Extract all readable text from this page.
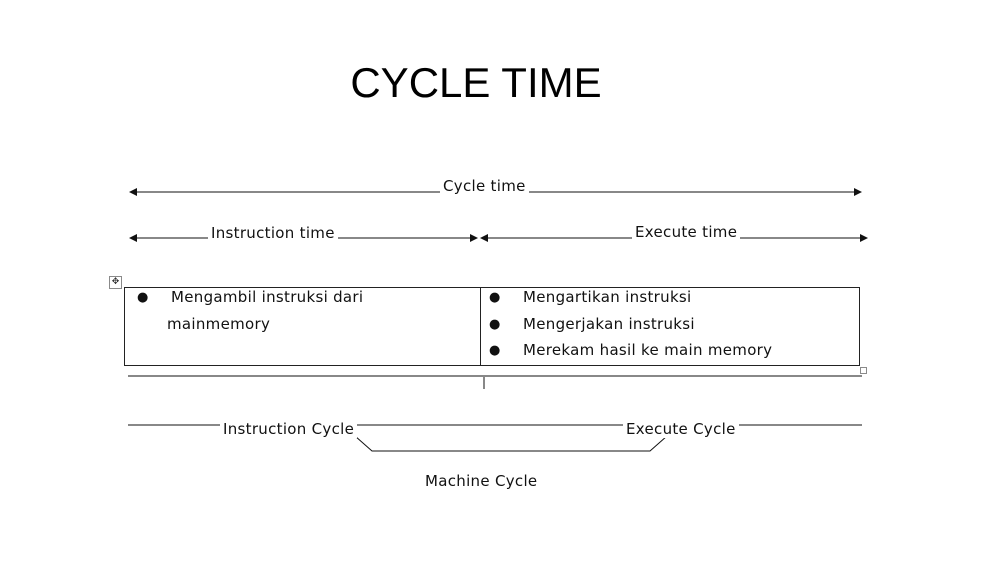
CYCLE TIME
Cycle time
Instruction time	Execute time
✥
● Mengambil instruksi dari
mainmemory
● Mengartikan instruksi
● Mengerjakan instruksi
● Merekam hasil ke main memory
Instruction Cycle	Execute Cycle
Machine Cycle
